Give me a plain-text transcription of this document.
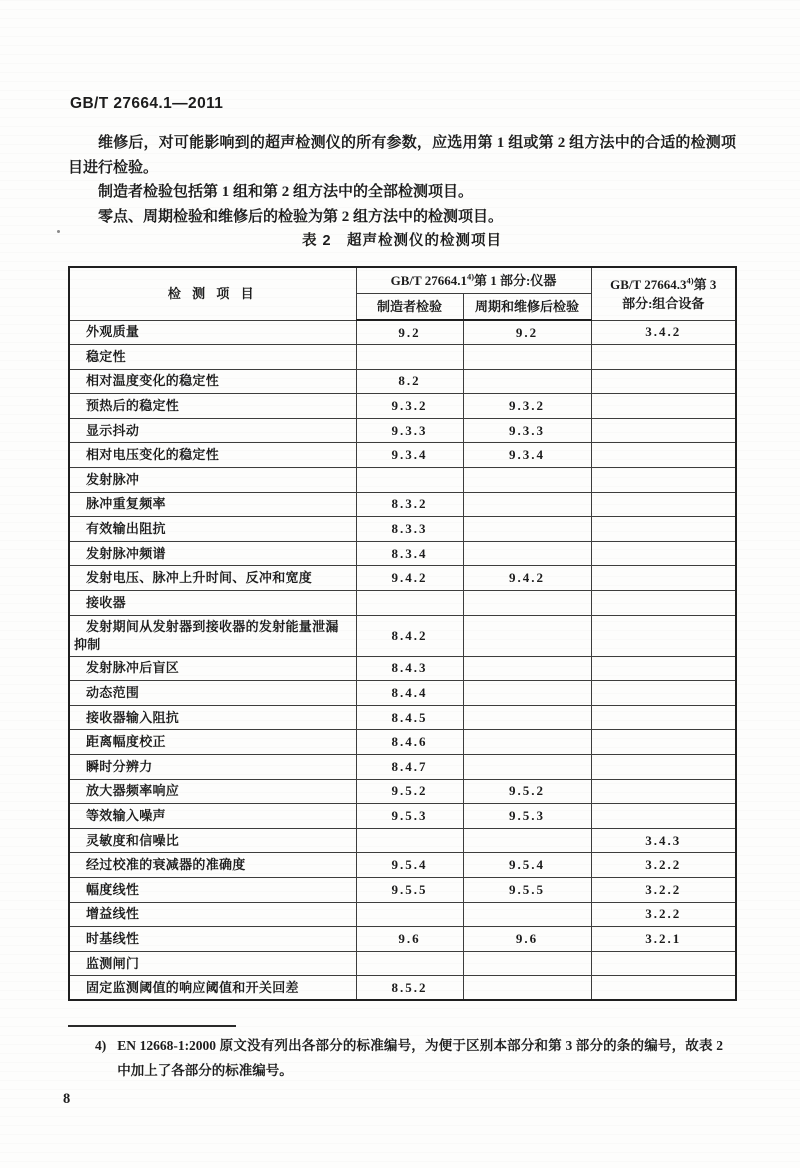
GB/T 27664.1—2011

维修后，对可能影响到的超声检测仪的所有参数，应选用第 1 组或第 2 组方法中的合适的检测项目进行检验。

制造者检验包括第 1 组和第 2 组方法中的全部检测项目。

零点、周期检验和维修后的检验为第 2 组方法中的检测项目。

表 2　超声检测仪的检测项目
检 测 项 目	GB/T 27664.1$^{4)}$第 1 部分:仪器		GB/T 27664.3$^{4)}$第 3
部分:组合设备
	制造者检验	周期和维修后检验	
外观质量	9.2	9.2	3.4.2
稳定性			
相对温度变化的稳定性	8.2		
预热后的稳定性	9.3.2	9.3.2	
显示抖动	9.3.3	9.3.3	
相对电压变化的稳定性	9.3.4	9.3.4	
发射脉冲			
脉冲重复频率	8.3.2		
有效输出阻抗	8.3.3		
发射脉冲频谱	8.3.4		
发射电压、脉冲上升时间、反冲和宽度	9.4.2	9.4.2	
接收器			
发射期间从发射器到接收器的发射能量泄漏抑制	8.4.2		
发射脉冲后盲区	8.4.3		
动态范围	8.4.4		
接收器输入阻抗	8.4.5		
距离幅度校正	8.4.6		
瞬时分辨力	8.4.7		
放大器频率响应	9.5.2	9.5.2	
等效输入噪声	9.5.3	9.5.3	
灵敏度和信噪比			3.4.3
经过校准的衰减器的准确度	9.5.4	9.5.4	3.2.2
幅度线性	9.5.5	9.5.5	3.2.2
增益线性			3.2.2
时基线性	9.6	9.6	3.2.1
监测闸门			
固定监测阈值的响应阈值和开关回差	8.5.2		
4) EN 12668-1:2000 原文没有列出各部分的标准编号，为便于区别本部分和第 3 部分的条的编号，故表 2 中加上了各部分的标准编号。
8
